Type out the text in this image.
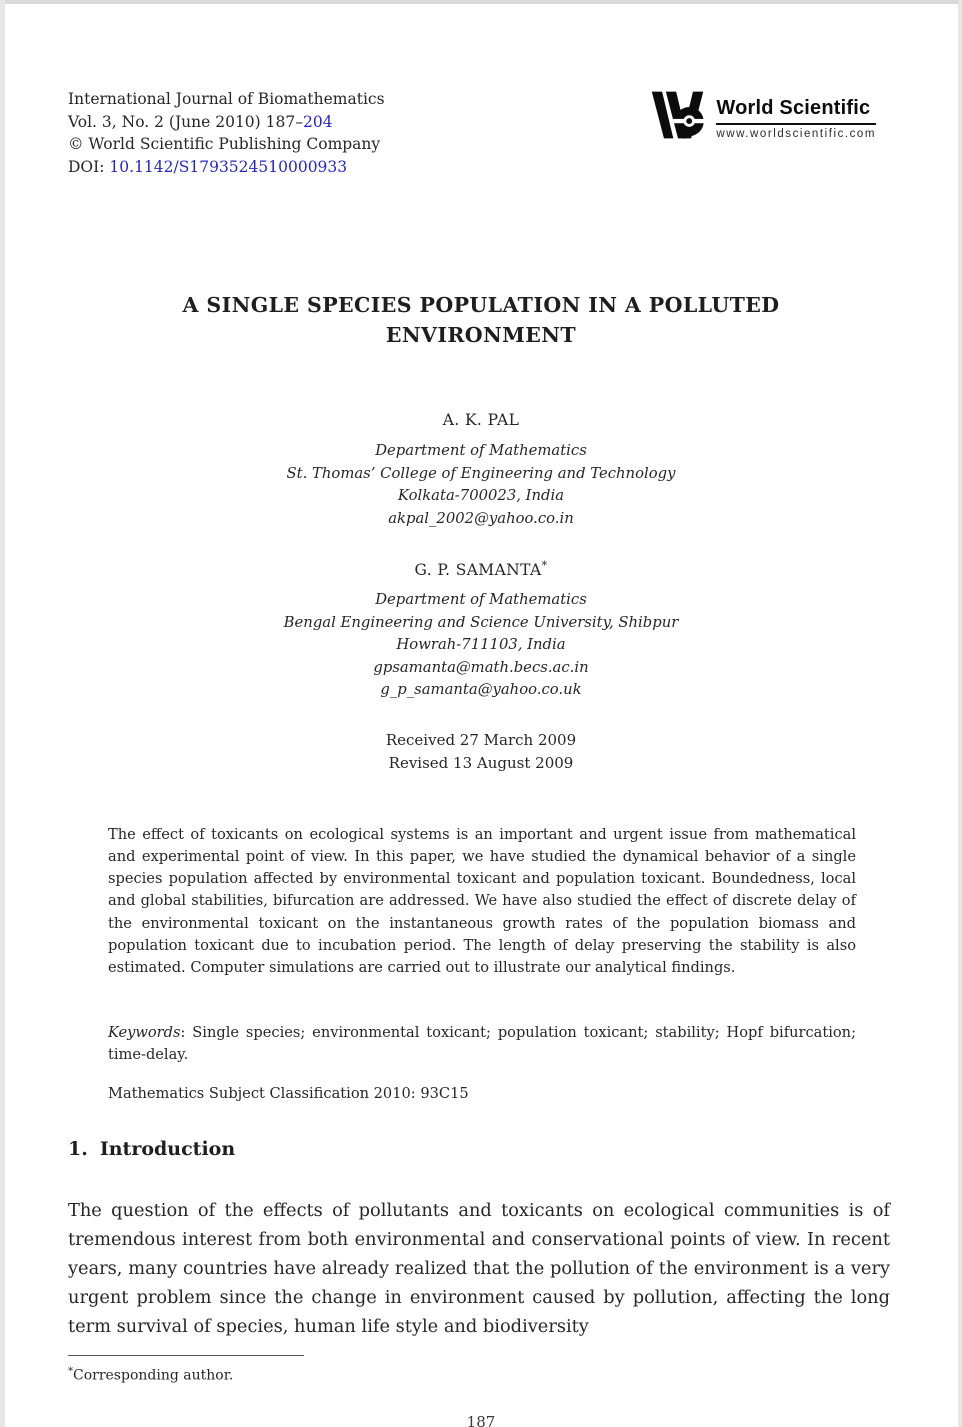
International Journal of Biomathematics
Vol. 3, No. 2 (June 2010) 187–204
© World Scientific Publishing Company
DOI: 10.1142/S1793524510000933
World Scientific
www.worldscientific.com
A SINGLE SPECIES POPULATION IN A POLLUTED
ENVIRONMENT
A. K. PAL
Department of Mathematics
St. Thomas’ College of Engineering and Technology
Kolkata-700023, India
akpal_2002@yahoo.co.in
G. P. SAMANTA*
Department of Mathematics
Bengal Engineering and Science University, Shibpur
Howrah-711103, India
gpsamanta@math.becs.ac.in
g_p_samanta@yahoo.co.uk
Received 27 March 2009
Revised 13 August 2009

The effect of toxicants on ecological systems is an important and urgent issue from mathematical and experimental point of view. In this paper, we have studied the dynamical behavior of a single species population affected by environmental toxicant and population toxicant. Boundedness, local and global stabilities, bifurcation are addressed. We have also studied the effect of discrete delay of the environmental toxicant on the instantaneous growth rates of the population biomass and population toxicant due to incubation period. The length of delay preserving the stability is also estimated. Computer simulations are carried out to illustrate our analytical findings.

Keywords: Single species; environmental toxicant; population toxicant; stability; Hopf bifurcation; time-delay.

Mathematics Subject Classification 2010: 93C15

1. Introduction

The question of the effects of pollutants and toxicants on ecological communities is of tremendous interest from both environmental and conservational points of view. In recent years, many countries have already realized that the pollution of the environment is a very urgent problem since the change in environment caused by pollution, affecting the long term survival of species, human life style and biodiversity

*Corresponding author.
187
